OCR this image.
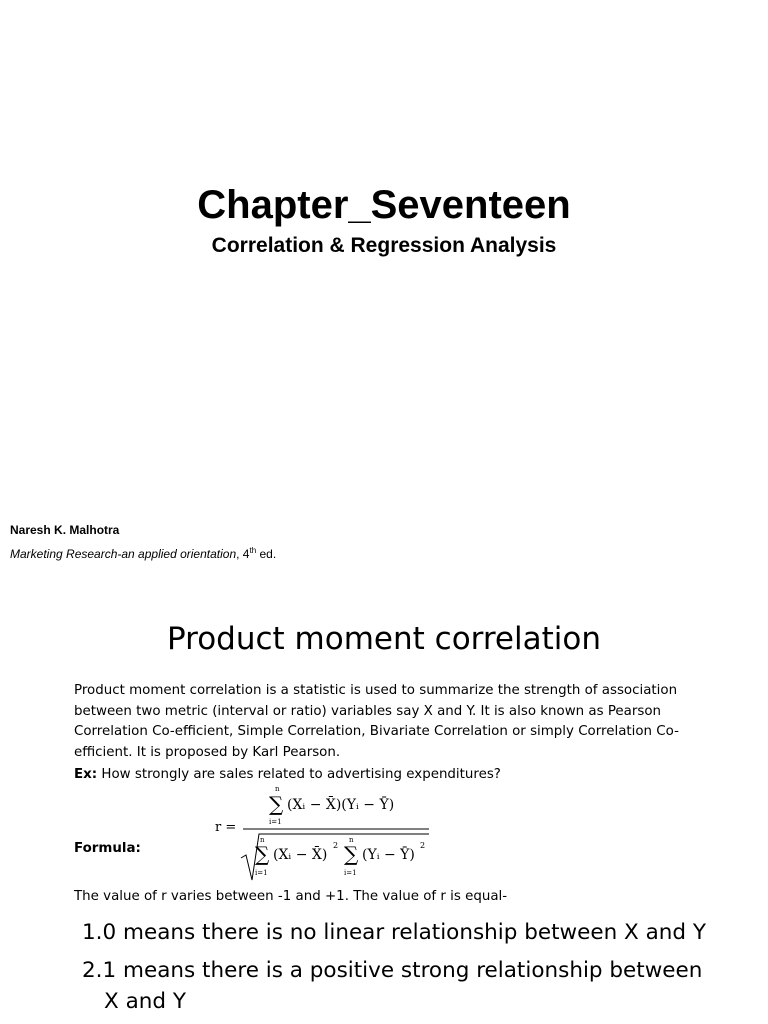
Chapter_Seventeen
Correlation & Regression Analysis
Naresh K. Malhotra
Marketing Research-an applied orientation, 4th ed.
Product moment correlation
Product moment correlation is a statistic is used to summarize the strength of association between two metric (interval or ratio) variables say X and Y. It is also known as Pearson Correlation Co-efficient, Simple Correlation, Bivariate Correlation or simply Correlation Co-efficient. It is proposed by Karl Pearson.
Ex: How strongly are sales related to advertising expenditures?
Formula:
r =
n
∑
i=1
(Xᵢ − X̄)(Yᵢ − Ȳ)
n
∑
i=1
(Xᵢ − X̄)
2
n
∑
i=1
(Yᵢ − Ȳ)
2
The value of r varies between -1 and +1. The value of r is equal-
1.0 means there is no linear relationship between X and Y
2.1 means there is a positive strong relationship between
X and Y
